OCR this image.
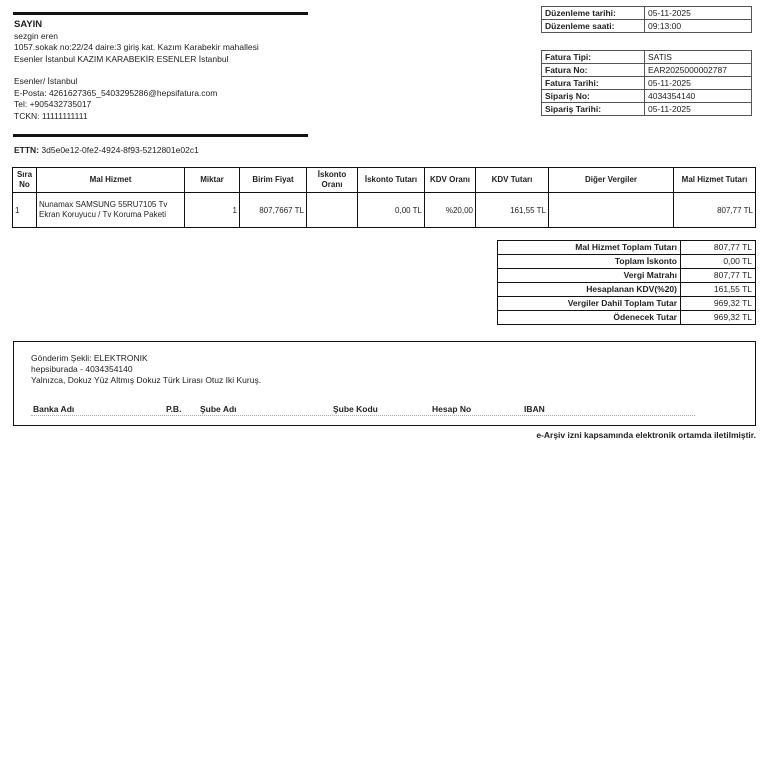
SAYIN
sezgin eren
1057.sokak no:22/24 daire:3 giriş kat. Kazım Karabekir mahallesi
Esenler İstanbul KAZIM KARABEKİR ESENLER İstanbul
Esenler/ İstanbul
E-Posta: 4261627365_5403295286@hepsifatura.com
Tel: +905432735017
TCKN: 11111111111
ETTN: 3d5e0e12-0fe2-4924-8f93-5212801e02c1
Düzenleme tarihi:	05-11-2025
Düzenleme saati:	09:13:00
Fatura Tipi:	SATIS
Fatura No:	EAR2025000002787
Fatura Tarihi:	05-11-2025
Sipariş No:	4034354140
Sipariş Tarihi:	05-11-2025
Sıra No	Mal Hizmet	Miktar	Birim Fiyat	İskonto Oranı	İskonto Tutarı	KDV Oranı	KDV Tutarı	Diğer Vergiler	Mal Hizmet Tutarı
1	Nunamax SAMSUNG 55RU7105 Tv Ekran Koruyucu / Tv Koruma Paketi	1	807,7667 TL		0,00 TL	%20,00	161,55 TL		807,77 TL
Mal Hizmet Toplam Tutarı	807,77 TL
Toplam İskonto	0,00 TL
Vergi Matrahı	807,77 TL
Hesaplanan KDV(%20)	161,55 TL
Vergiler Dahil Toplam Tutar	969,32 TL
Ödenecek Tutar	969,32 TL
Gönderim Şekli: ELEKTRONIK
hepsiburada - 4034354140
Yalnızca, Dokuz Yüz Altmış Dokuz Türk Lirası Otuz Iki Kuruş.
Banka Adı	P.B. Şube Adı	Şube Kodu	Hesap No	IBAN
e-Arşiv izni kapsamında elektronik ortamda iletilmiştir.
